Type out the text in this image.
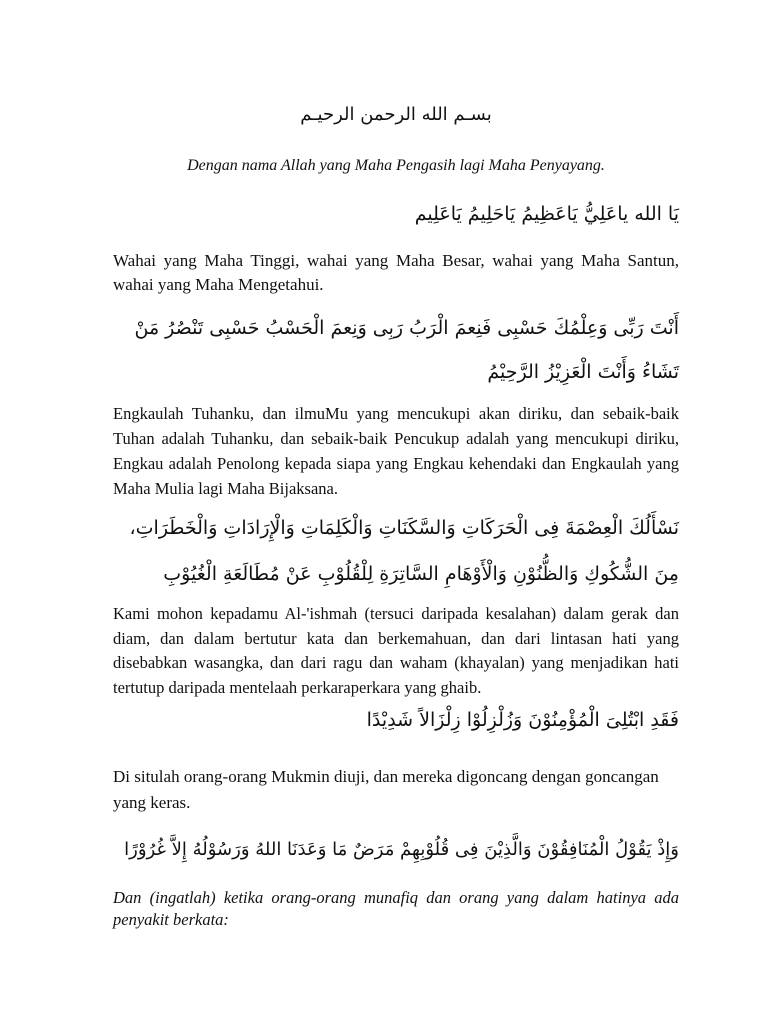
بسـم الله الرحمن الرحيـم

Dengan nama Allah yang Maha Pengasih lagi Maha Penyayang.

يَا الله ياعَلِيُّ يَاعَظِيمُ يَاحَلِيمُ يَاعَلِيم

Wahai yang Maha Tinggi, wahai yang Maha Besar, wahai yang Maha Santun, wahai yang Maha Mengetahui.

أَنْتَ رَبِّى وَعِلْمُكَ حَسْبِى فَنِعمَ الْرَبُ رَبِى وَنِعمَ الْحَسْبُ حَسْبِى تَنْصُرُ مَنْ تَشَاءُ وَأَنْتَ الْعَزِيْزُ الرَّحِيْمُ

Engkaulah Tuhanku, dan ilmuMu yang mencukupi akan diriku, dan sebaik-baik Tuhan adalah Tuhanku, dan sebaik-baik Pencukup adalah yang mencukupi diriku, Engkau adalah Penolong kepada siapa yang Engkau kehendaki dan Engkaulah yang Maha Mulia lagi Maha Bijaksana.

نَسْأَلُكَ الْعِصْمَةَ فِى الْحَرَكَاتِ وَالسَّكَنَاتِ وَالْكَلِمَاتِ وَالْإِرَادَاتِ وَالْخَطَرَاتِ، مِنَ الشُّكُوكِ وَالظُّنُوْنِ وَالْأَوْهَامِ السَّاتِرَةِ لِلْقُلُوْبِ عَنْ مُطَالَعَةِ الْغُيُوْبِ

Kami mohon kepadamu Al-'ishmah (tersuci daripada kesalahan) dalam gerak dan diam, dan dalam bertutur kata dan berkemahuan, dan dari lintasan hati yang disebabkan wasangka, dan dari ragu dan waham (khayalan) yang menjadikan hati tertutup daripada mentelaah perkaraperkara yang ghaib.

فَقَدِ ابْتُلِىَ الْمُؤْمِنُوْنَ وَزُلْزِلُوْا زِلْزَالاً شَدِيْدًا

Di situlah orang-orang Mukmin diuji, dan mereka digoncang dengan goncangan yang keras.

وَإِذْ يَقُوْلُ الْمُنَافِقُوْنَ وَالَّذِيْنَ فِى قُلُوْبِهِمْ مَرَضٌ مَا وَعَدَنَا اللهُ وَرَسُوْلُهُ إِلاَّ غُرُوْرًا

Dan (ingatlah) ketika orang-orang munafiq dan orang yang dalam hatinya ada penyakit berkata:
